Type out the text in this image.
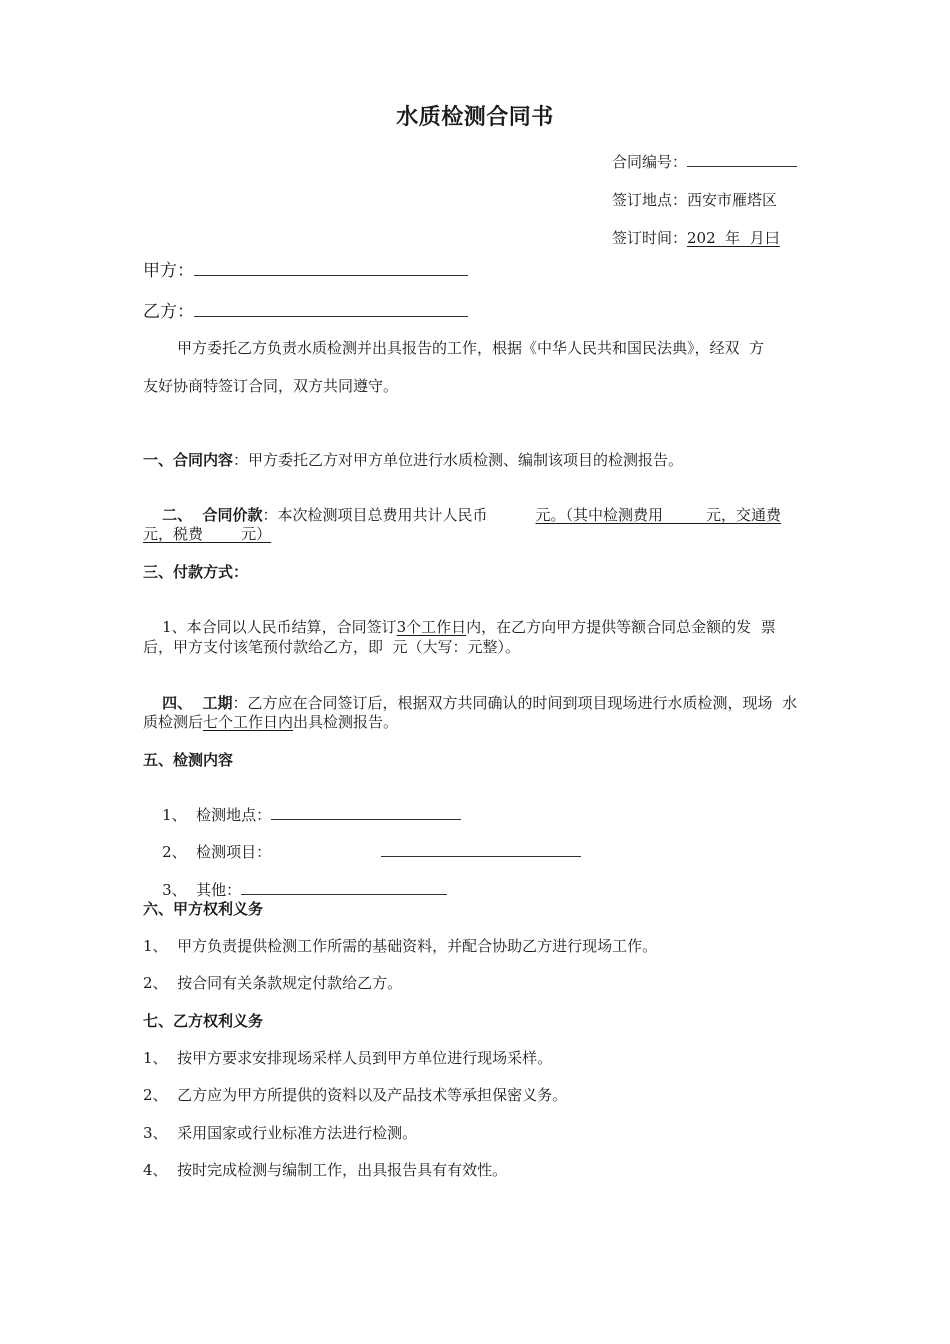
水质检测合同书
合同编号：
签订地点：西安市雁塔区
签订时间：202  年  月曰
甲方：
乙方：
甲方委托乙方负责水质检测并出具报告的工作，根据《中华人民共和国民法典》，经双  方
友好协商特签订合同，双方共同遵守。
一、合同内容：甲方委托乙方对甲方单位进行水质检测、编制该项目的检测报告。

二、  合同价款：本次检测项目总费用共计人民币	元。（其中检测费用         元，交通费

元，税费        元）
三、付款方式：

1、本合同以人民币结算，合同签订3个工作日内，在乙方向甲方提供等额合同总金额的发  票

后，甲方支付该笔预付款给乙方，即  元（大写：元整）。

四、  工期：乙方应在合同签订后，根据双方共同确认的时间到项目现场进行水质检测，现场  水

质检测后七个工作日内出具检测报告。
五、检测内容

1、  检测地点：

2、  检测项目：

3、  其他：

六、甲方权利义务
1、  甲方负责提供检测工作所需的基础资料，并配合协助乙方进行现场工作。
2、  按合同有关条款规定付款给乙方。
七、乙方权利义务
1、  按甲方要求安排现场采样人员到甲方单位进行现场采样。
2、  乙方应为甲方所提供的资料以及产品技术等承担保密义务。
3、  采用国家或行业标准方法进行检测。
4、  按时完成检测与编制工作，出具报告具有有效性。
